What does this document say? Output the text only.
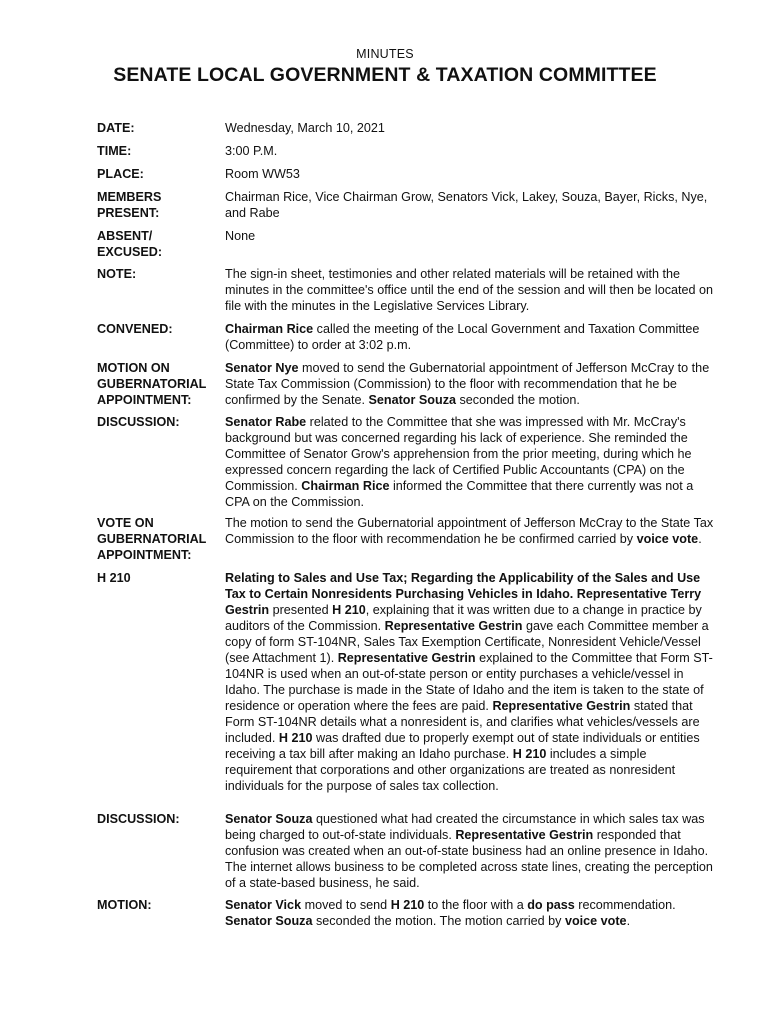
MINUTES
SENATE LOCAL GOVERNMENT & TAXATION COMMITTEE
DATE:	Wednesday, March 10, 2021
TIME:	3:00 P.M.
PLACE:	Room WW53
MEMBERS
PRESENT:
Chairman Rice, Vice Chairman Grow, Senators Vick, Lakey, Souza, Bayer, Ricks, Nye, and Rabe
ABSENT/
EXCUSED:
None
NOTE:	The sign-in sheet, testimonies and other related materials will be retained with the minutes in the committee's office until the end of the session and will then be located on file with the minutes in the Legislative Services Library.
CONVENED:	Chairman Rice called the meeting of the Local Government and Taxation Committee (Committee) to order at 3:02 p.m.
MOTION ON
GUBERNATORIAL
APPOINTMENT:
Senator Nye moved to send the Gubernatorial appointment of Jefferson McCray to the State Tax Commission (Commission) to the floor with recommendation that he be confirmed by the Senate. Senator Souza seconded the motion.
DISCUSSION:	Senator Rabe related to the Committee that she was impressed with Mr. McCray's background but was concerned regarding his lack of experience. She reminded the Committee of Senator Grow's apprehension from the prior meeting, during which he expressed concern regarding the lack of Certified Public Accountants (CPA) on the Commission. Chairman Rice informed the Committee that there currently was not a CPA on the Commission.
VOTE ON
GUBERNATORIAL
APPOINTMENT:
The motion to send the Gubernatorial appointment of Jefferson McCray to the State Tax Commission to the floor with recommendation he be confirmed carried by voice vote.
H 210	Relating to Sales and Use Tax; Regarding the Applicability of the Sales and Use Tax to Certain Nonresidents Purchasing Vehicles in Idaho. Representative Terry Gestrin presented H 210, explaining that it was written due to a change in practice by auditors of the Commission. Representative Gestrin gave each Committee member a copy of form ST-104NR, Sales Tax Exemption Certificate, Nonresident Vehicle/Vessel (see Attachment 1). Representative Gestrin explained to the Committee that Form ST-104NR is used when an out-of-state person or entity purchases a vehicle/vessel in Idaho. The purchase is made in the State of Idaho and the item is taken to the state of residence or operation where the fees are paid. Representative Gestrin stated that Form ST-104NR details what a nonresident is, and clarifies what vehicles/vessels are included. H 210 was drafted due to properly exempt out of state individuals or entities receiving a tax bill after making an Idaho purchase. H 210 includes a simple requirement that corporations and other organizations are treated as nonresident individuals for the purpose of sales tax collection.
DISCUSSION:	Senator Souza questioned what had created the circumstance in which sales tax was being charged to out-of-state individuals. Representative Gestrin responded that confusion was created when an out-of-state business had an online presence in Idaho. The internet allows business to be completed across state lines, creating the perception of a state-based business, he said.
MOTION:	Senator Vick moved to send H 210 to the floor with a do pass recommendation. Senator Souza seconded the motion. The motion carried by voice vote.
